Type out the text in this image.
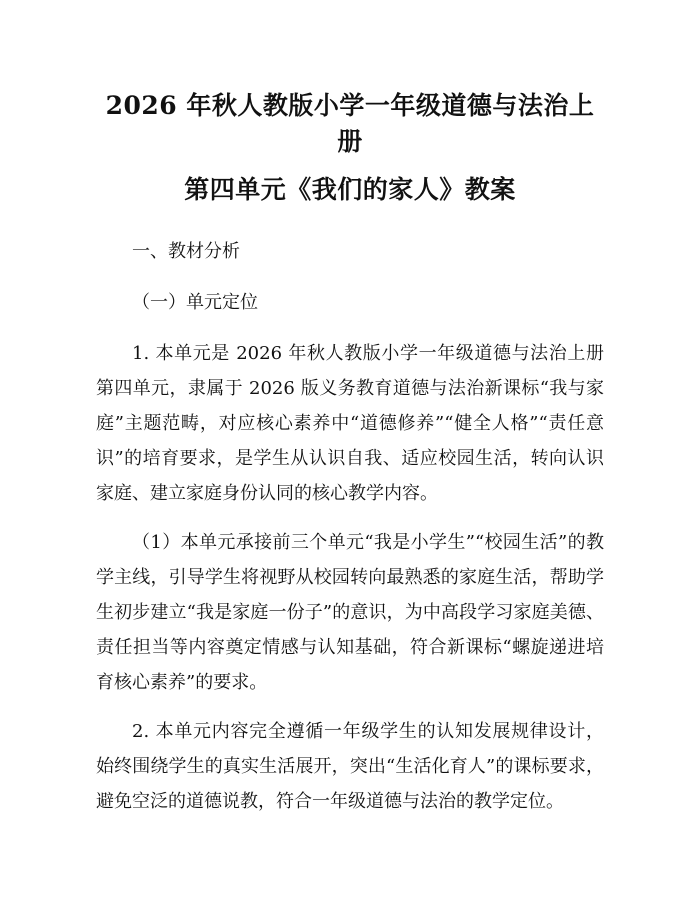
2026 年秋人教版小学一年级道德与法治上册
第四单元《我们的家人》教案

一、教材分析

（一）单元定位

1. 本单元是 2026 年秋人教版小学一年级道德与法治上册第四单元，隶属于 2026 版义务教育道德与法治新课标“我与家庭”主题范畴，对应核心素养中“道德修养”“健全人格”“责任意识”的培育要求，是学生从认识自我、适应校园生活，转向认识家庭、建立家庭身份认同的核心教学内容。

（1）本单元承接前三个单元“我是小学生”“校园生活”的教学主线，引导学生将视野从校园转向最熟悉的家庭生活，帮助学生初步建立“我是家庭一份子”的意识，为中高段学习家庭美德、责任担当等内容奠定情感与认知基础，符合新课标“螺旋递进培育核心素养”的要求。

2. 本单元内容完全遵循一年级学生的认知发展规律设计，始终围绕学生的真实生活展开，突出“生活化育人”的课标要求，避免空泛的道德说教，符合一年级道德与法治的教学定位。
